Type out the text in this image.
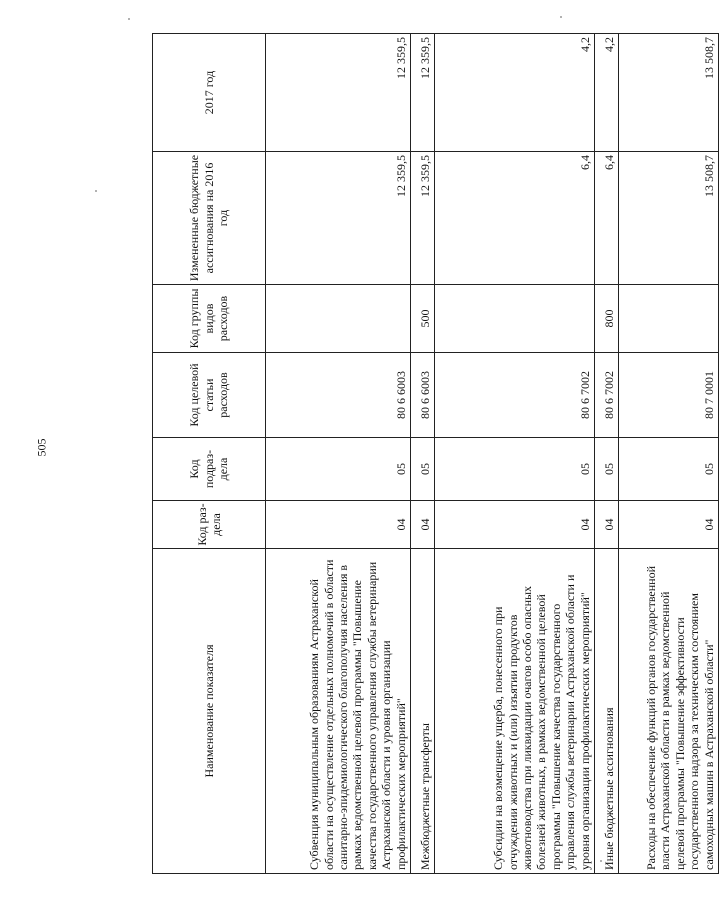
505
Наименование показателя	Код раз-дела	Код подраз-дела	Код целевой статьи расходов	Код группы видов расходов	Измененные бюджетные ассигнования на 2016 год	2017 год
Субвенция муниципальным образованиям Астраханской области на осуществление отдельных полномочий в области санитарно-эпидемиологического благополучия населения в рамках ведомственной целевой программы "Повышение качества государственного управления службы ветеринарии Астраханской области и уровня организации профилактических мероприятий"	04	05	80 6 6003		12 359,5	12 359,5
Межбюджетные трансферты	04	05	80 6 6003	500	12 359,5	12 359,5
Субсидии на возмещение ущерба, понесенного при отчуждении животных и (или) изъятии продуктов животноводства при ликвидации очагов особо опасных болезней животных, в рамках ведомственной целевой программы "Повышение качества государственного управления службы ветеринарии Астраханской области и уровня организации профилактических мероприятий"	04	05	80 6 7002		6,4	4,2
Иные бюджетные ассигнования	04	05	80 6 7002	800	6,4	4,2
Расходы на обеспечение функций органов государственной власти Астраханской области в рамках ведомственной целевой программы "Повышение эффективности государственного надзора за техническим состоянием самоходных машин в Астраханской области"	04	05	80 7 0001		13 508,7	13 508,7
